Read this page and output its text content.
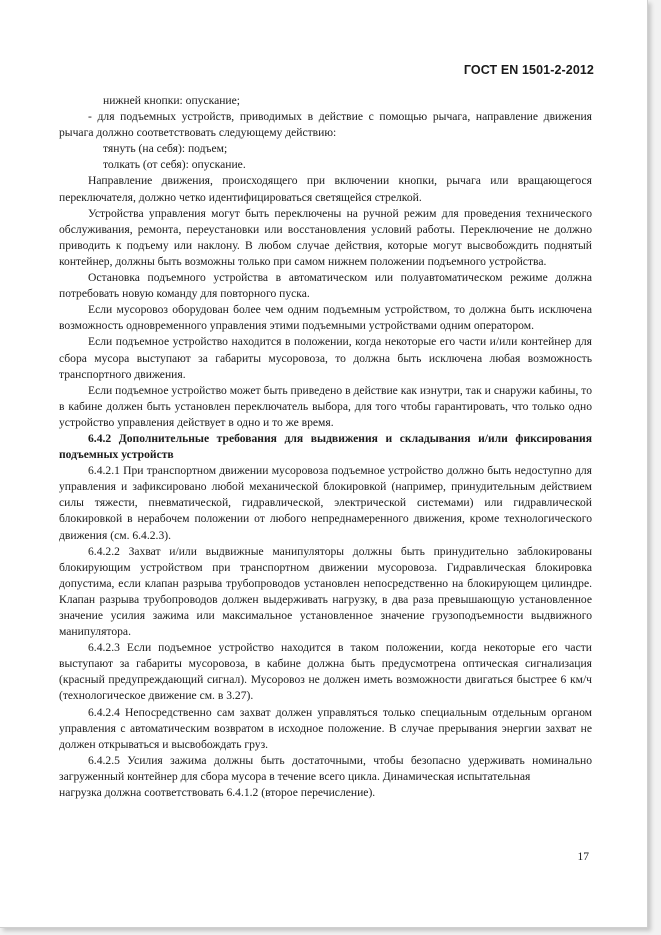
ГОСТ EN 1501-2-2012

нижней кнопки: опускание;

- для подъемных устройств, приводимых в действие с помощью рычага, направление движения рычага должно соответствовать следующему действию:

тянуть (на себя): подъем;

толкать (от себя): опускание.

Направление движения, происходящего при включении кнопки, рычага или вращающегося переключателя, должно четко идентифицироваться светящейся стрелкой.

Устройства управления могут быть переключены на ручной режим для проведения технического обслуживания, ремонта, переустановки или восстановления условий работы. Переключение не должно приводить к подъему или наклону. В любом случае действия, которые могут высвобождить поднятый контейнер, должны быть возможны только при самом нижнем положении подъемного устройства.

Остановка подъемного устройства в автоматическом или полуавтоматическом режиме должна потребовать новую команду для повторного пуска.

Если мусоровоз оборудован более чем одним подъемным устройством, то должна быть исключена возможность одновременного управления этими подъемными устройствами одним оператором.

Если подъемное устройство находится в положении, когда некоторые его части и/или контейнер для сбора мусора выступают за габариты мусоровоза, то должна быть исключена любая возможность транспортного движения.

Если подъемное устройство может быть приведено в действие как изнутри, так и снаружи кабины, то в кабине должен быть установлен переключатель выбора, для того чтобы гарантировать, что только одно устройство управления действует в одно и то же время.

6.4.2 Дополнительные требования для выдвижения и складывания и/или фиксирования подъемных устройств

6.4.2.1 При транспортном движении мусоровоза подъемное устройство должно быть недоступно для управления и зафиксировано любой механической блокировкой (например, принудительным действием силы тяжести, пневматической, гидравлической, электрической системами) или гидравлической блокировкой в нерабочем положении от любого непреднамеренного движения, кроме технологического движения (см. 6.4.2.3).

6.4.2.2 Захват и/или выдвижные манипуляторы должны быть принудительно заблокированы блокирующим устройством при транспортном движении мусоровоза. Гидравлическая блокировка допустима, если клапан разрыва трубопроводов установлен непосредственно на блокирующем цилиндре. Клапан разрыва трубопроводов должен выдерживать нагрузку, в два раза превышающую установленное значение усилия зажима или максимальное установленное значение грузоподъемности выдвижного манипулятора.

6.4.2.3 Если подъемное устройство находится в таком положении, когда некоторые его части выступают за габариты мусоровоза, в кабине должна быть предусмотрена оптическая сигнализация (красный предупреждающий сигнал). Мусоровоз не должен иметь возможности двигаться быстрее 6 км/ч (технологическое движение см. в 3.27).

6.4.2.4 Непосредственно сам захват должен управляться только специальным отдельным органом управления с автоматическим возвратом в исходное положение. В случае прерывания энергии захват не должен открываться и высвобождать груз.

6.4.2.5 Усилия зажима должны быть достаточными, чтобы безопасно удерживать номинально загруженный контейнер для сбора мусора в течение всего цикла. Динамическая испытательная

нагрузка должна соответствовать 6.4.1.2 (второе перечисление).

17
